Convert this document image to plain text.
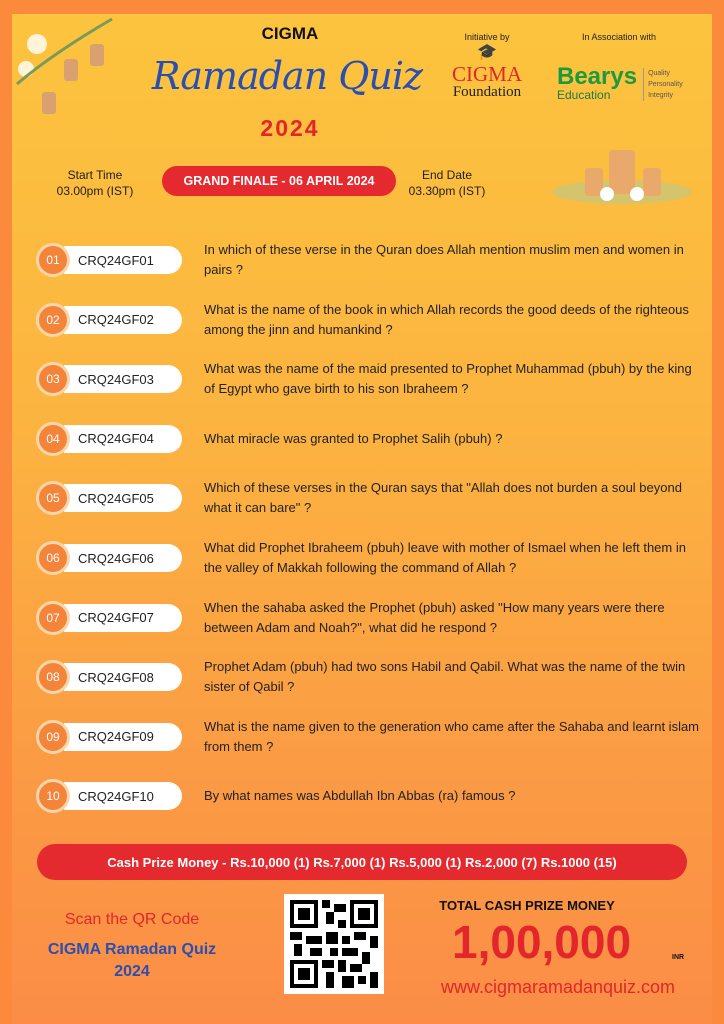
CIGMA
Ramadan Quiz
2024
Initiative by
🎓
CIGMA
Foundation
In Association with
Bearys
Education
Quality
Personality
Integrity
Start Time
03.00pm (IST)
GRAND FINALE - 06 APRIL 2024	End Date
03.30pm (IST)
01	CRQ24GF01
In which of these verse in the Quran does Allah mention muslim men and women in pairs ?
02	CRQ24GF02
What is the name of the book in which Allah records the good deeds of the righteous among the jinn and humankind ?
03	CRQ24GF03
What was the name of the maid presented to Prophet Muhammad (pbuh) by the king of Egypt who gave birth to his son Ibraheem ?
04	CRQ24GF04	What miracle was granted to Prophet Salih (pbuh) ?
05	CRQ24GF05
Which of these verses in the Quran says that "Allah does not burden a soul beyond what it can bare" ?
06	CRQ24GF06
What did Prophet Ibraheem (pbuh) leave with mother of Ismael when he left them in the valley of Makkah following the command of Allah ?
07	CRQ24GF07
When the sahaba asked the Prophet (pbuh) asked "How many years were there between Adam and Noah?", what did he respond ?
08	CRQ24GF08
Prophet Adam (pbuh) had two sons Habil and Qabil. What was the name of the twin sister of Qabil ?
09	CRQ24GF09
What is the name given to the generation who came after the Sahaba and learnt islam from them ?
10	CRQ24GF10	By what names was Abdullah Ibn Abbas (ra) famous ?
Cash Prize Money - Rs.10,000 (1) Rs.7,000 (1) Rs.5,000 (1) Rs.2,000 (7) Rs.1000 (15)
Scan the QR Code
CIGMA Ramadan Quiz
2024
TOTAL CASH PRIZE MONEY
1,00,000	INR
www.cigmaramadanquiz.com
